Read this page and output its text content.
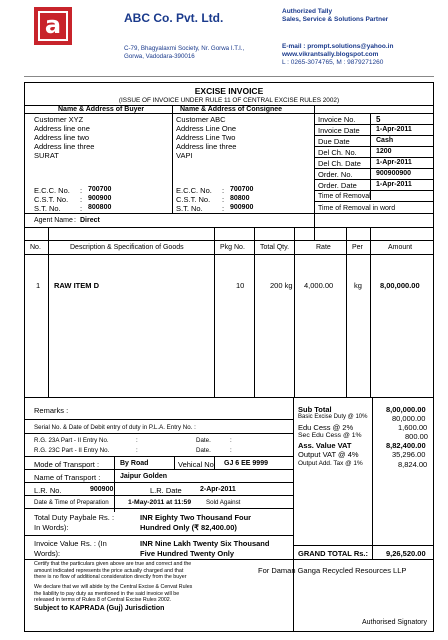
a	ABC Co. Pvt. Ltd.
C-79, Bhagyalaxmi Society, Nr. Gorwa I.T.I.,
Gorwa, Vadodara-390016
Authorized Tally
Sales, Service & Solutions Partner
E-mail : prompt.solutions@yahoo.in
www.vikrantsally.blogspot.com
L : 0265-3074765, M : 9879271260
EXCISE INVOICE
(ISSUE OF INVOICE UNDER RULE 11 OF CENTRAL EXCISE RULES 2002)
Name & Address of Buyer
Customer XYZ
Address line one
Address line two
Address line three
SURAT
E.C.C. No. : 700700
C.S.T. No. : 900900
S.T. No.	: 800800
Name & Address of Consignee
Customer ABC
Address Line One
Address Line Two
Address line three
VAPI
E.C.C. No. : 700700
C.S.T. No. : 80800
S.T. No.	: 900900
Agent Name : Direct
Invoice No.	5
Invoice Date 1-Apr-2011
Due Date	Cash
Del Ch. No.	1200
Del Ch. Date 1-Apr-2011
Order. No.	900900900
Order. Date	1-Apr-2011
Time of Removal
Time of Removal in word
No.	Description & Specification of Goods	Pkg No. Total Qty.	Rate	Per	Amount
1 RAW ITEM D	10	200 kg 4,000.00	kg 8,00,000.00
Remarks :
Serial No. & Date of Debit entry of duty in P.L.A. Entry No. :
R.G. 23A Part - II Entry No.	:	Date.	:
R.G. 23C Part - II Entry No.	:	Date.	:
Mode of Transport :	By Road	Vehical No GJ 6 EE 9999
Name of Transport :	Jaipur Golden
L.R. No.	900900	L.R. Date	2-Apr-2011
Date & Time of Preparation	1-May-2011 at 11:59 Sold Against
Total Duty Paybale Rs. :
In Words):
INR Eighty Two Thousand Four
Hundred Only (₹ 82,400.00)
Invoice Value Rs. : (In
Words):
INR Nine Lakh Twenty Six Thousand
Five Hundred Twenty Only
Certify that the particulars given above are true and correct and the
amount indicated represents the price actually charged and that
there is no flow of additional consideration directly from the buyer
We declare that we will abide by the Central Excise & Cenvat Rules
the liability to pay duty as mentioned in the said invoice will be
released in terms of Rules 8 of Central Excise Rules 2002.
Subject to KAPRADA (Guj) Jurisdiction
Sub Total	8,00,000.00
Basic Excise Duty @ 10%	80,000.00
Edu Cess @ 2%	1,600.00
Sec Edu Cess @ 1%	800.00
Ass. Value VAT	8,82,400.00
Output VAT @ 4%	35,296.00
Output Add. Tax @ 1%	8,824.00
GRAND TOTAL Rs.: 9,26,520.00
For Daman Ganga Recycled Resources LLP
Authorised Signatory
